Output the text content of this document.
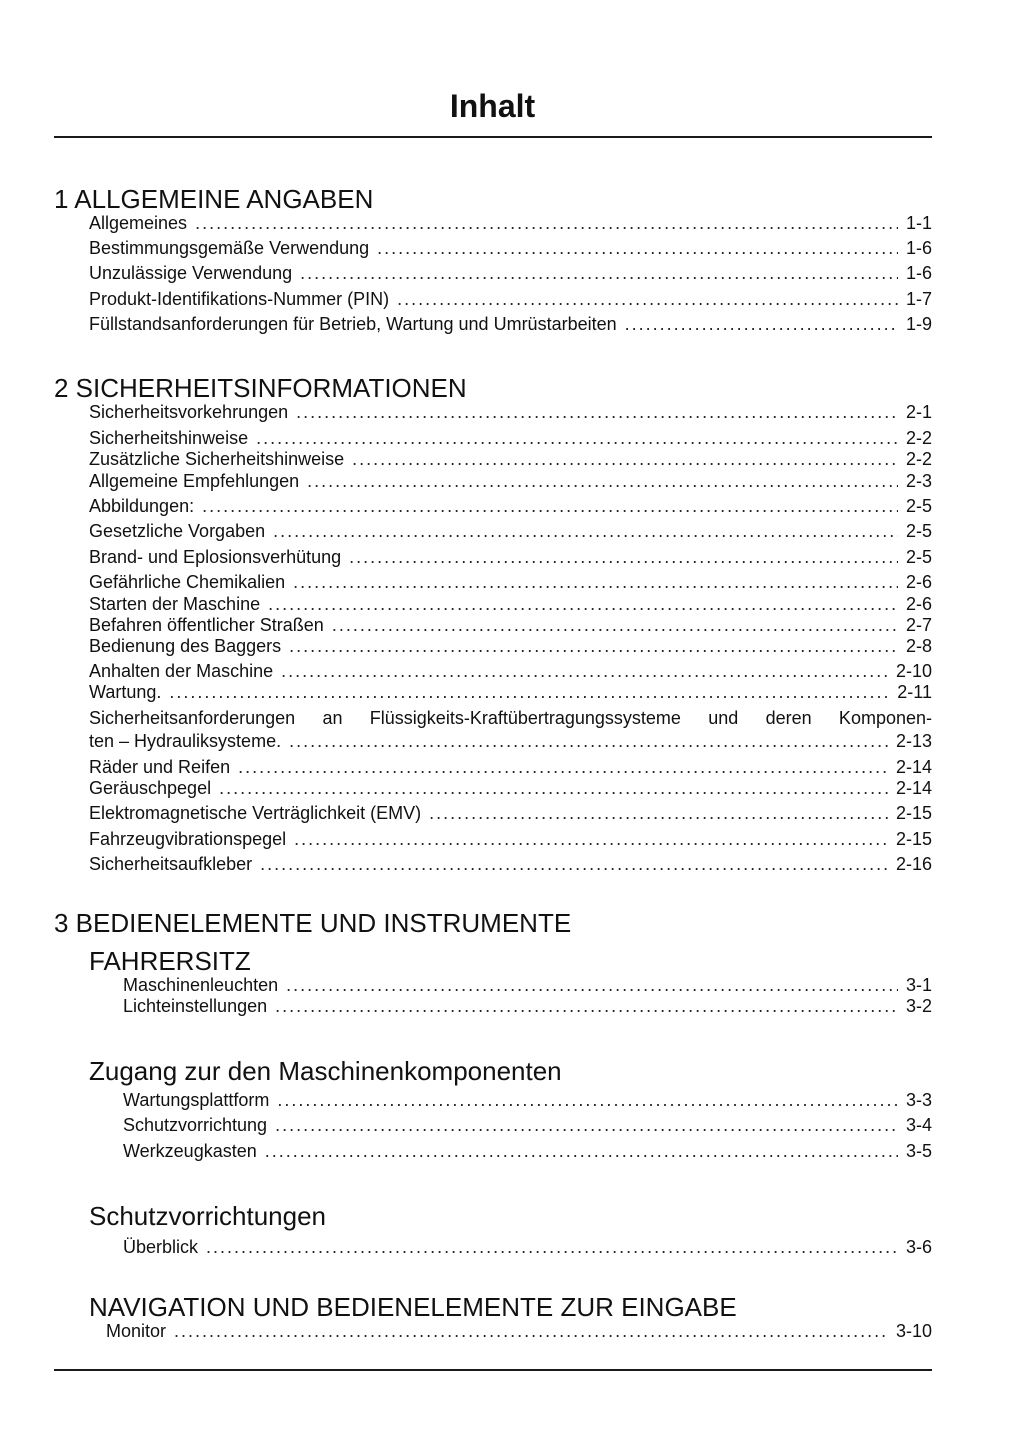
Inhalt
1 ALLGEMEINE ANGABEN
Allgemeines .....	1-1
Bestimmungsgemäße Verwendung .....	1-6
Unzulässige Verwendung .....	1-6
Produkt-Identifikations-Nummer (PIN) .....	1-7
Füllstandsanforderungen für Betrieb, Wartung und Umrüstarbeiten .....	1-9
2 SICHERHEITSINFORMATIONEN
Sicherheitsvorkehrungen .....	2-1
Sicherheitshinweise .....	2-2
Zusätzliche Sicherheitshinweise .....	2-2
Allgemeine Empfehlungen .....	2-3
Abbildungen: .....	2-5
Gesetzliche Vorgaben .....	2-5
Brand- und Eplosionsverhütung .....	2-5
Gefährliche Chemikalien .....	2-6
Starten der Maschine .....	2-6
Befahren öffentlicher Straßen .....	2-7
Bedienung des Baggers .....	2-8
Anhalten der Maschine .....	2-10
Wartung. .....	2-11
Sicherheitsanforderungen an Flüssigkeits-Kraftübertragungssysteme und deren Komponen-
ten – Hydrauliksysteme. .....	2-13
Räder und Reifen .....	2-14
Geräuschpegel .....	2-14
Elektromagnetische Verträglichkeit (EMV) .....	2-15
Fahrzeugvibrationspegel .....	2-15
Sicherheitsaufkleber .....	2-16
3 BEDIENELEMENTE UND INSTRUMENTE
FAHRERSITZ
Maschinenleuchten .....	3-1
Lichteinstellungen .....	3-2
Zugang zur den Maschinenkomponenten
Wartungsplattform .....	3-3
Schutzvorrichtung .....	3-4
Werkzeugkasten .....	3-5
Schutzvorrichtungen
Überblick .....	3-6
NAVIGATION UND BEDIENELEMENTE ZUR EINGABE
Monitor .....	3-10
